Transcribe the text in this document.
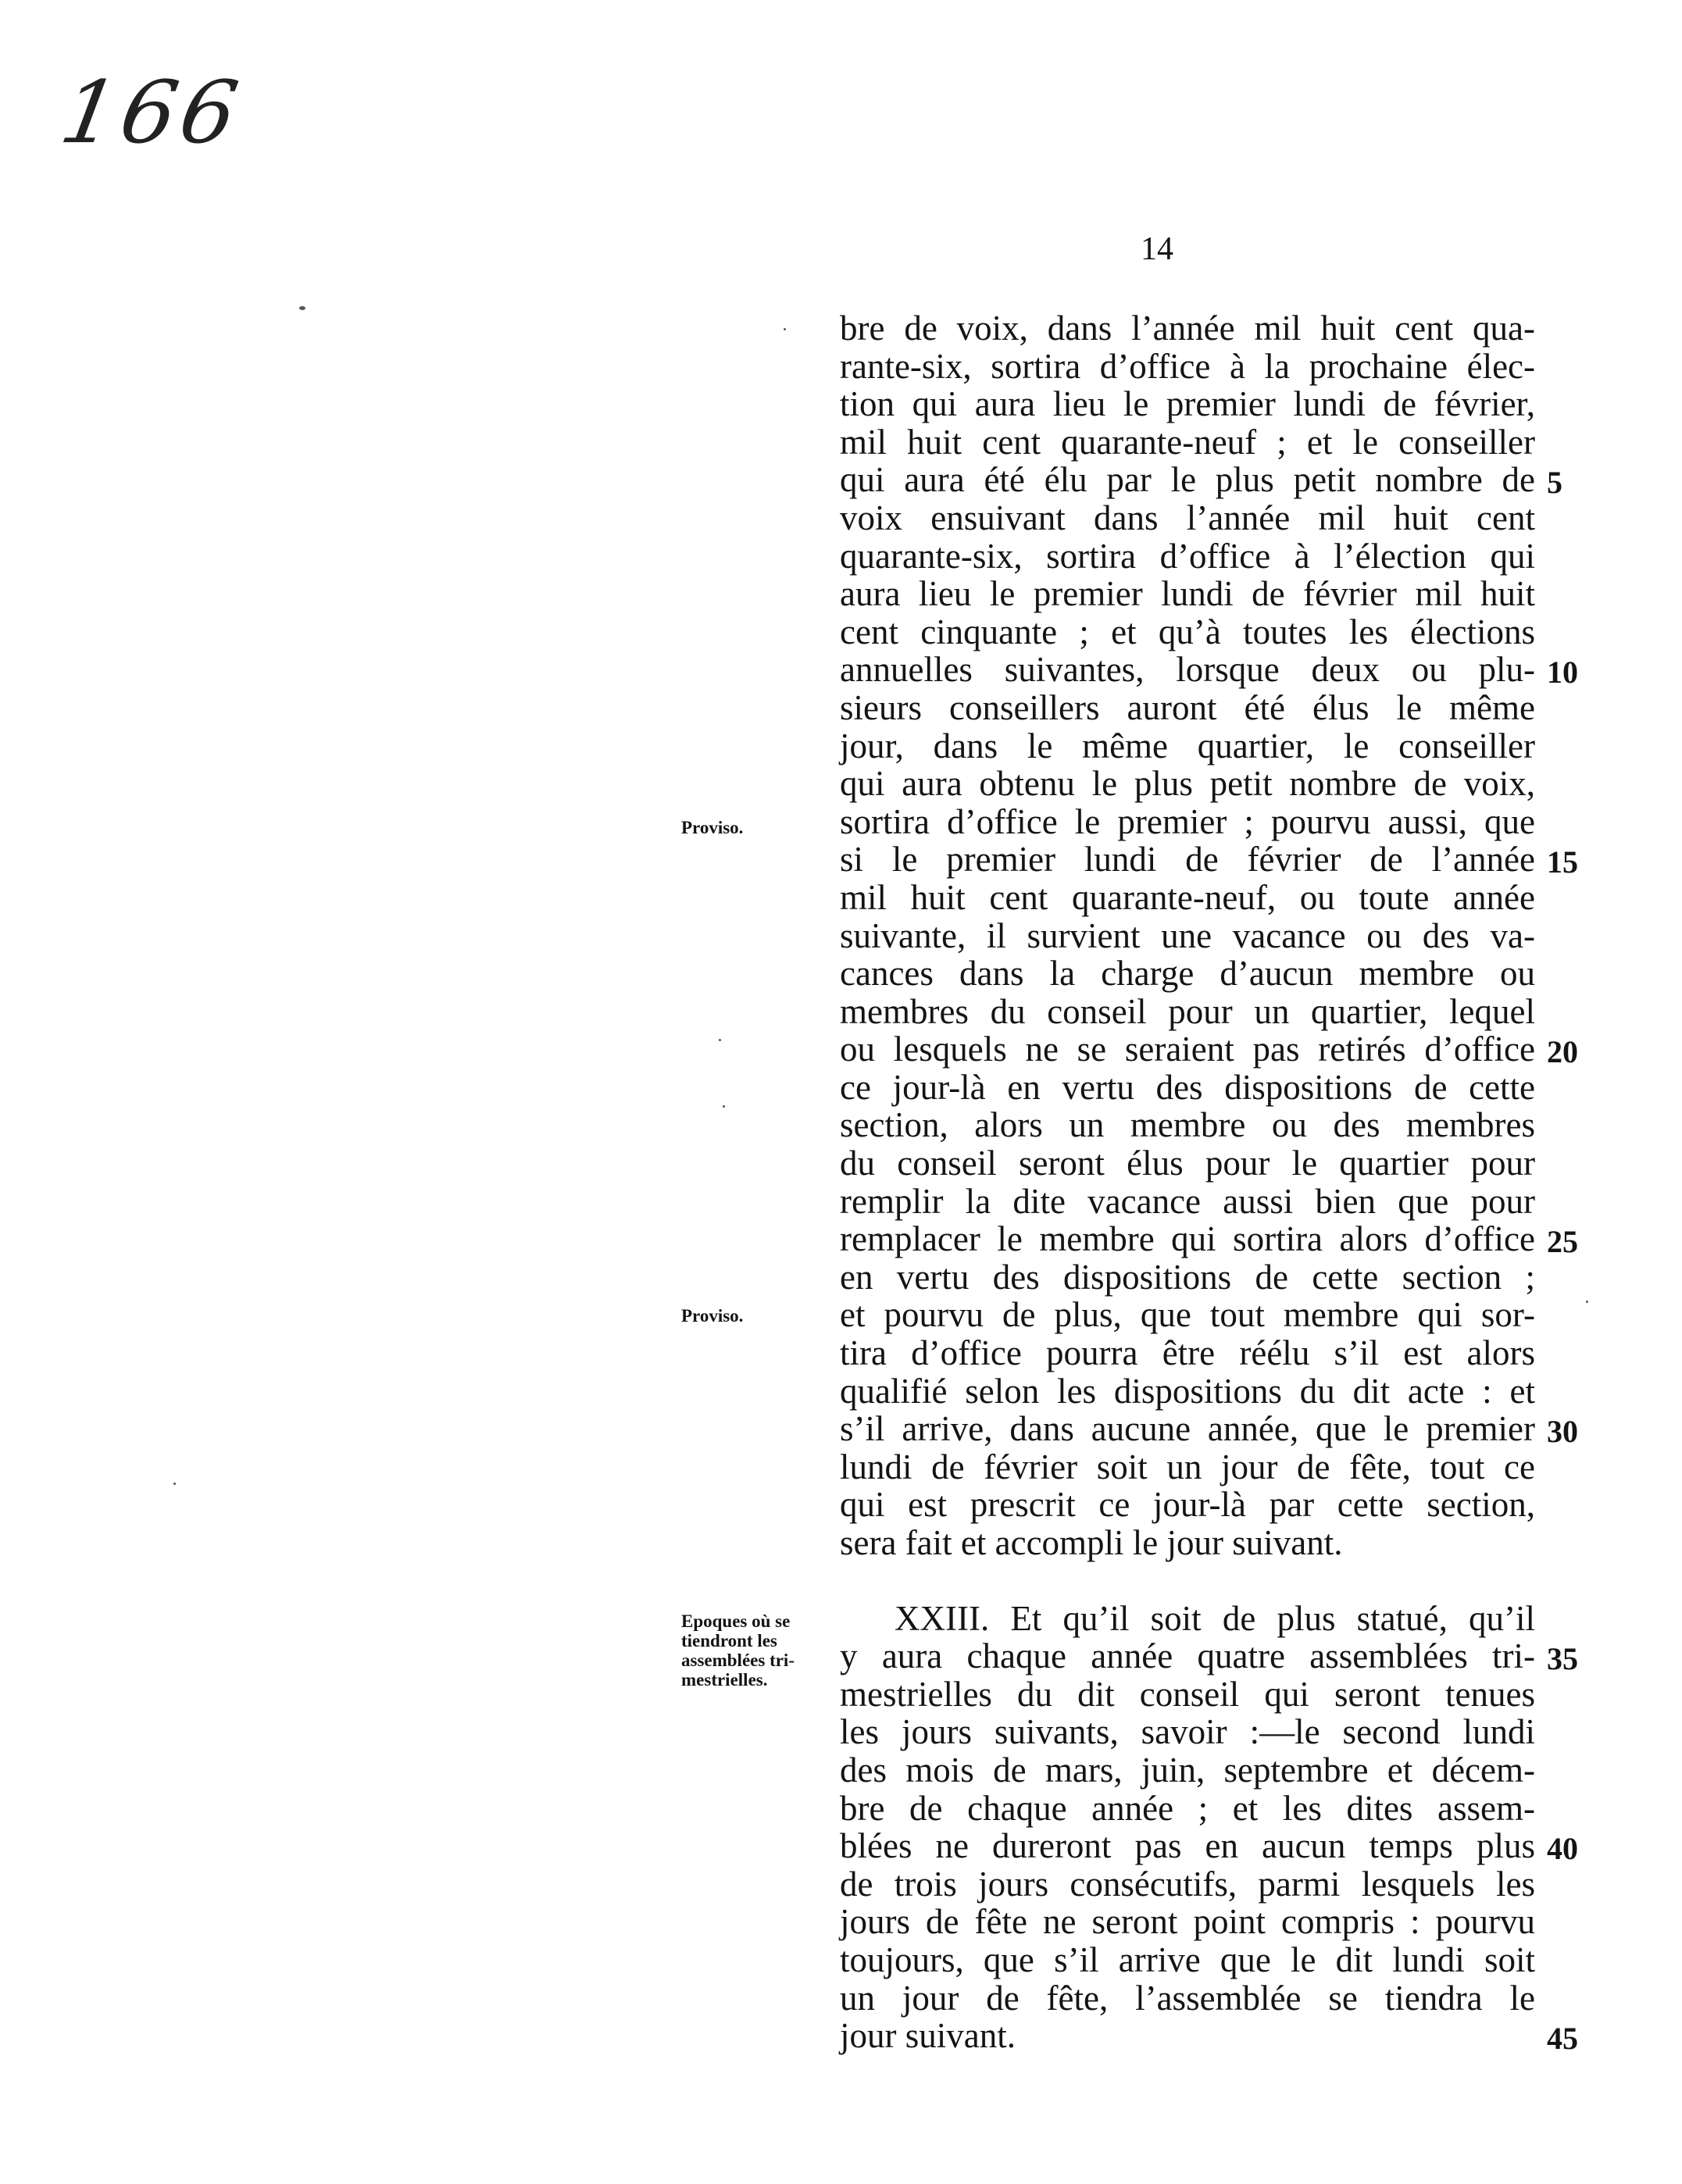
166
14
Proviso.
Proviso.
Epoques où se
tiendront les
assemblées tri-
mestrielles.
bre de voix, dans l’année mil huit cent qua-
rante-six, sortira d’office à la prochaine élec-
tion qui aura lieu le premier lundi de février,
mil huit cent quarante-neuf ; et le conseiller
qui aura été élu par le plus petit nombre de
voix ensuivant dans l’année mil huit cent
quarante-six, sortira d’office à l’élection qui
aura lieu le premier lundi de février mil huit
cent cinquante ; et qu’à toutes les élections
annuelles suivantes, lorsque deux ou plu-
sieurs conseillers auront été élus le même
jour, dans le même quartier, le conseiller
qui aura obtenu le plus petit nombre de voix,
sortira d’office le premier ; pourvu aussi, que
si le premier lundi de février de l’année
mil huit cent quarante-neuf, ou toute année
suivante, il survient une vacance ou des va-
cances dans la charge d’aucun membre ou
membres du conseil pour un quartier, lequel
ou lesquels ne se seraient pas retirés d’office
ce jour-là en vertu des dispositions de cette
section, alors un membre ou des membres
du conseil seront élus pour le quartier pour
remplir la dite vacance aussi bien que pour
remplacer le membre qui sortira alors d’office
en vertu des dispositions de cette section ;
et pourvu de plus, que tout membre qui sor-
tira d’office pourra être réélu s’il est alors
qualifié selon les dispositions du dit acte : et
s’il arrive, dans aucune année, que le premier
lundi de février soit un jour de fête, tout ce
qui est prescrit ce jour-là par cette section,
sera fait et accompli le jour suivant.
XXIII. Et qu’il soit de plus statué, qu’il
y aura chaque année quatre assemblées tri-
mestrielles du dit conseil qui seront tenues
les jours suivants, savoir :—le second lundi
des mois de mars, juin, septembre et décem-
bre de chaque année ; et les dites assem-
blées ne dureront pas en aucun temps plus
de trois jours consécutifs, parmi lesquels les
jours de fête ne seront point compris : pourvu
toujours, que s’il arrive que le dit lundi soit
un jour de fête, l’assemblée se tiendra le
jour suivant.
5
10
15
20
25
30
35
40
45
